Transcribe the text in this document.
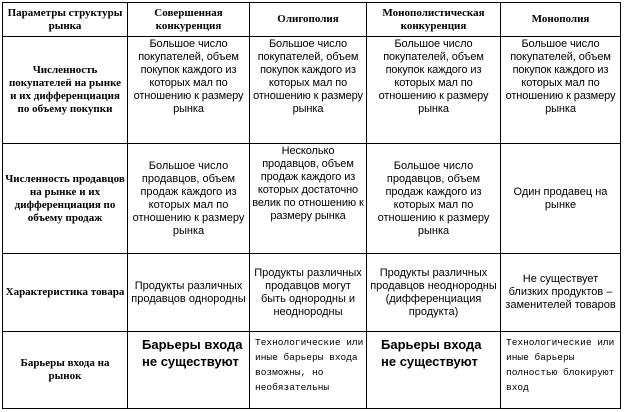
Параметры структуры рынка	Совершенная конкуренция	Олигополия	Монополистическая конкуренция	Монополия
Численность покупателей на рынке и их дифференциация по объему покупки	Большое число покупателей, объем покупок каждого из которых мал по отношению к размеру рынка	Большое число покупателей, объем покупок каждого из которых мал по отношению к размеру рынка	Большое число покупателей, объем покупок каждого из которых мал по отношению к размеру рынка	Большое число покупателей, объем покупок каждого из которых мал по отношению к размеру рынка
Численность продавцов на рынке и их дифференциация по объему продаж	Большое число продавцов, объем продаж каждого из которых мал по отношению к размеру рынка	Несколько продавцов, объем продаж каждого из которых достаточно велик по отношению к размеру рынка	Большое число продавцов, объем продаж каждого из которых мал по отношению к размеру рынка	Один продавец на рынке
Характеристика товара	Продукты различных продавцов однородны	Продукты различных продавцов могут быть однородны и неоднородны	Продукты различных продавцов неоднородны (дифференциация продукта)	Не существует близких продуктов – заменителей товаров
Барьеры входа на рынок	Барьеры входа не существуют	Технологические или иные барьеры входа возможны, но необязательны	Барьеры входа не существуют	Технологические или иные барьеры полностью блокируют вход
